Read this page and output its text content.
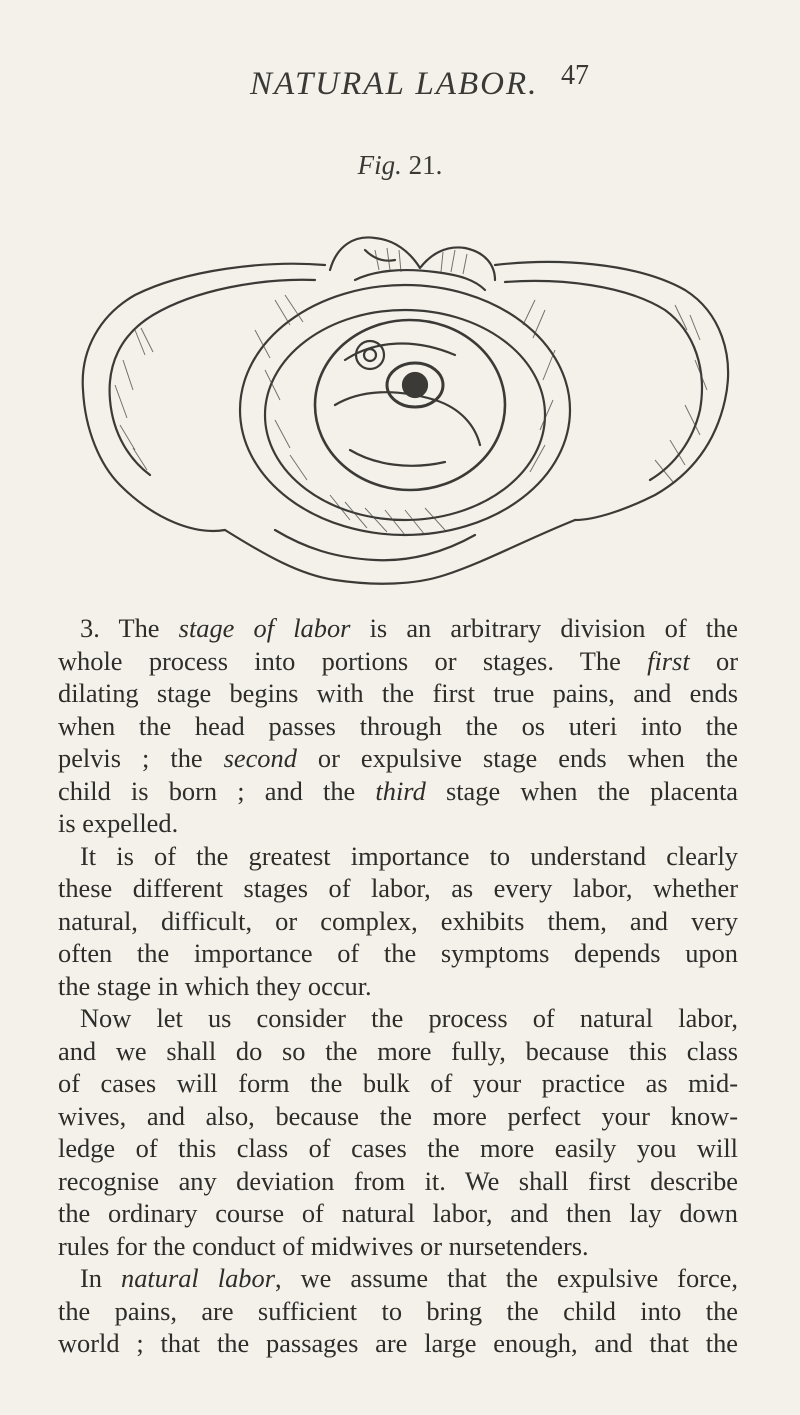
NATURAL LABOR. 47
Fig. 21.
3. The stage of labor is an arbitrary division of the
whole process into portions or stages. The first or
dilating stage begins with the first true pains, and ends
when the head passes through the os uteri into the
pelvis ; the second or expulsive stage ends when the
child is born ; and the third stage when the placenta
is expelled.
It is of the greatest importance to understand clearly
these different stages of labor, as every labor, whether
natural, difficult, or complex, exhibits them, and very
often the importance of the symptoms depends upon
the stage in which they occur.
Now let us consider the process of natural labor,
and we shall do so the more fully, because this class
of cases will form the bulk of your practice as mid-
wives, and also, because the more perfect your know-
ledge of this class of cases the more easily you will
recognise any deviation from it. We shall first describe
the ordinary course of natural labor, and then lay down
rules for the conduct of midwives or nursetenders.
In natural labor, we assume that the expulsive force,
the pains, are sufficient to bring the child into the
world ; that the passages are large enough, and that the
